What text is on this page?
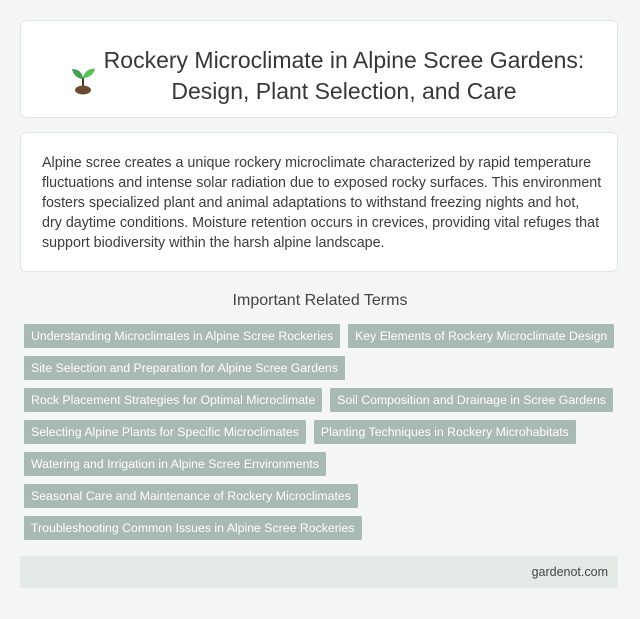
Rockery Microclimate in Alpine Scree Gardens: Design, Plant Selection, and Care

Alpine scree creates a unique rockery microclimate characterized by rapid temperature fluctuations and intense solar radiation due to exposed rocky surfaces. This environment fosters specialized plant and animal adaptations to withstand freezing nights and hot, dry daytime conditions. Moisture retention occurs in crevices, providing vital refuges that support biodiversity within the harsh alpine landscape.

Important Related Terms
Understanding Microclimates in Alpine Scree Rockeries	Key Elements of Rockery Microclimate Design
Site Selection and Preparation for Alpine Scree Gardens
Rock Placement Strategies for Optimal Microclimate	Soil Composition and Drainage in Scree Gardens
Selecting Alpine Plants for Specific Microclimates	Planting Techniques in Rockery Microhabitats
Watering and Irrigation in Alpine Scree Environments
Seasonal Care and Maintenance of Rockery Microclimates
Troubleshooting Common Issues in Alpine Scree Rockeries
gardenot.com
